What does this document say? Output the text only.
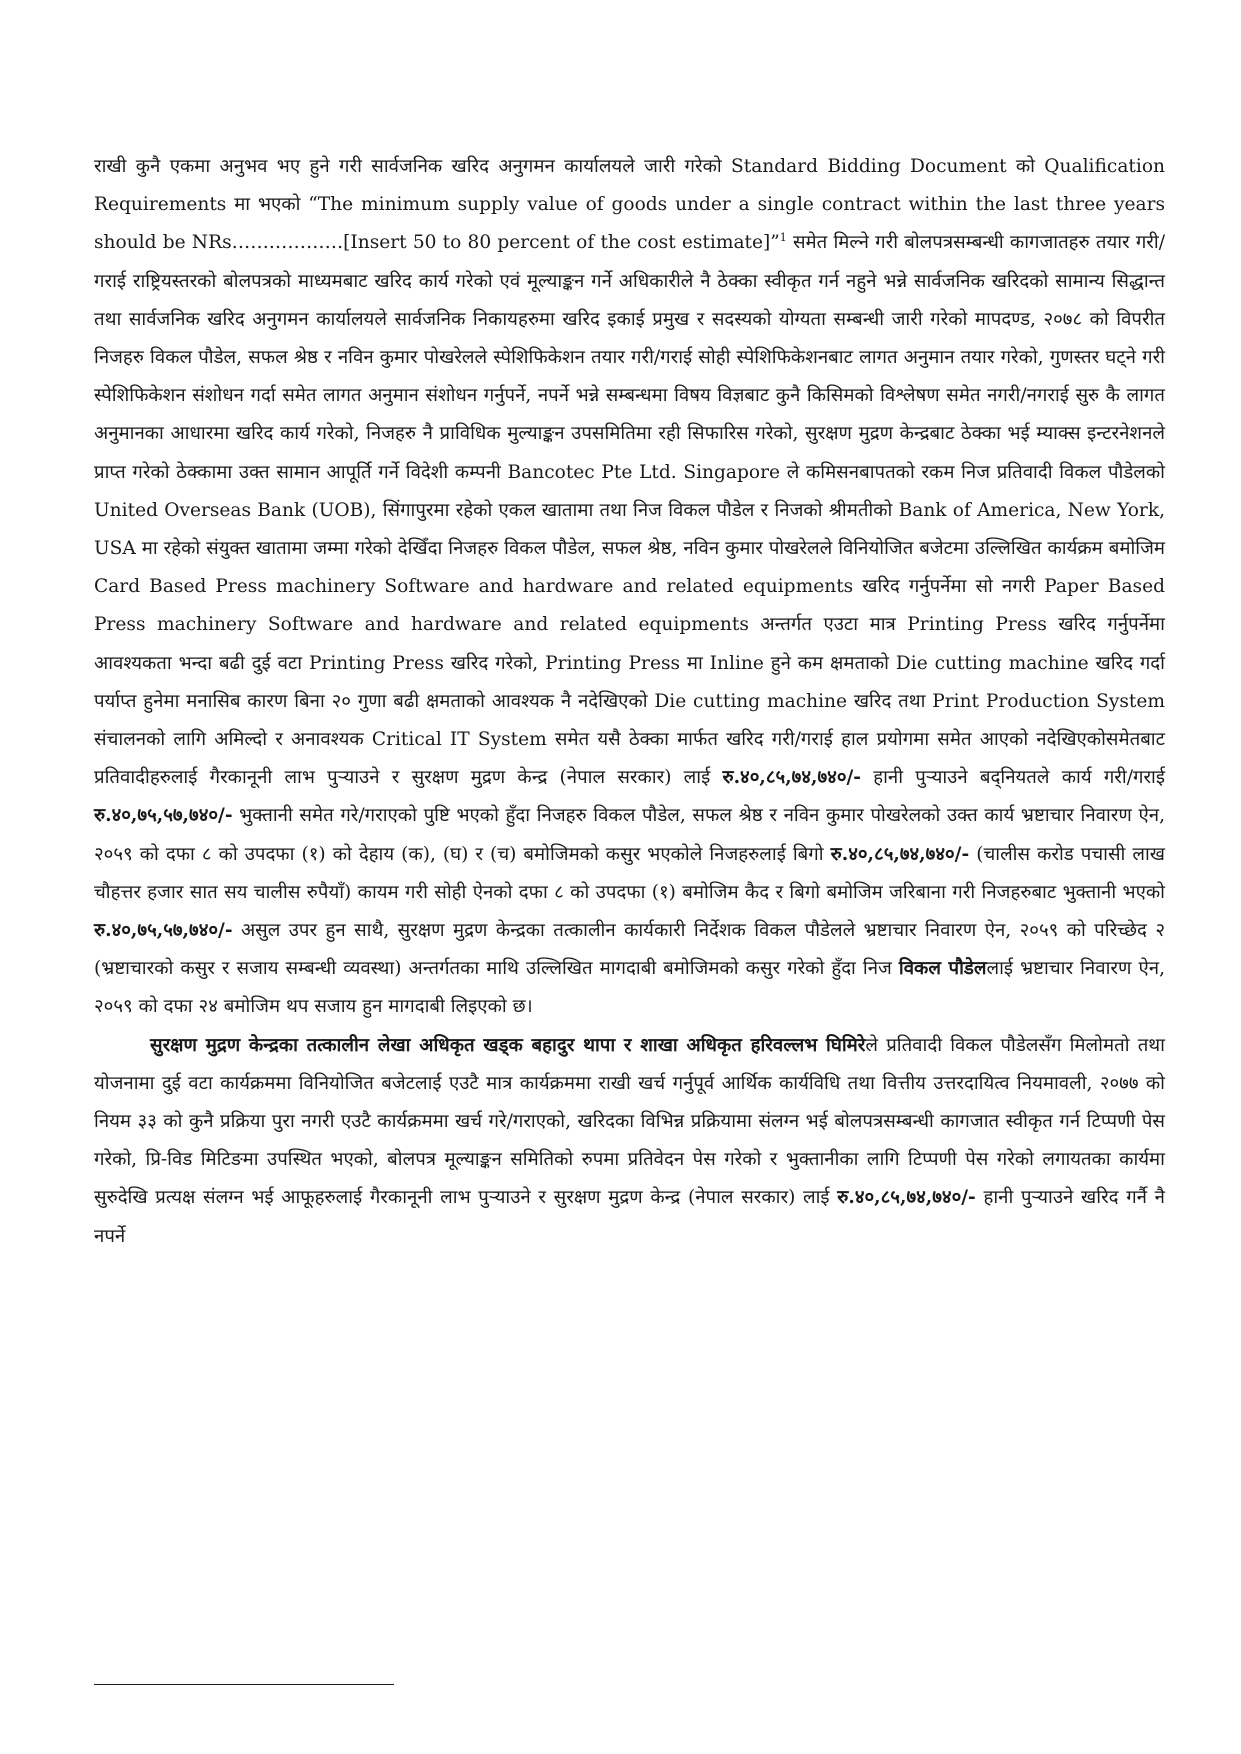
राखी कुनै एकमा अनुभव भए हुने गरी सार्वजनिक खरिद अनुगमन कार्यालयले जारी गरेको Standard Bidding Document को Qualification Requirements मा भएको “The minimum supply value of goods under a single contract within the last three years should be NRs………………[Insert 50 to 80 percent of the cost estimate]”$^1$ समेत मिल्ने गरी बोलपत्रसम्बन्धी कागजातहरु तयार गरी/गराई राष्ट्रियस्तरको बोलपत्रको माध्यमबाट खरिद कार्य गरेको एवं मूल्याङ्कन गर्ने अधिकारीले नै ठेक्का स्वीकृत गर्न नहुने भन्ने सार्वजनिक खरिदको सामान्य सिद्धान्त तथा सार्वजनिक खरिद अनुगमन कार्यालयले सार्वजनिक निकायहरुमा खरिद इकाई प्रमुख र सदस्यको योग्यता सम्बन्धी जारी गरेको मापदण्ड, २०७८ को विपरीत निजहरु विकल पौडेल, सफल श्रेष्ठ र नविन कुमार पोखरेलले स्पेशिफिकेशन तयार गरी/गराई सोही स्पेशिफिकेशनबाट लागत अनुमान तयार गरेको, गुणस्तर घट्ने गरी स्पेशिफिकेशन संशोधन गर्दा समेत लागत अनुमान संशोधन गर्नुपर्ने, नपर्ने भन्ने सम्बन्धमा विषय विज्ञबाट कुनै किसिमको विश्लेषण समेत नगरी/नगराई सुरु कै लागत अनुमानका आधारमा खरिद कार्य गरेको, निजहरु नै प्राविधिक मुल्याङ्कन उपसमितिमा रही सिफारिस गरेको, सुरक्षण मुद्रण केन्द्रबाट ठेक्का भई म्याक्स इन्टरनेशनले प्राप्त गरेको ठेक्कामा उक्त सामान आपूर्ति गर्ने विदेशी कम्पनी Bancotec Pte Ltd. Singapore ले कमिसनबापतको रकम निज प्रतिवादी विकल पौडेलको United Overseas Bank (UOB), सिंगापुरमा रहेको एकल खातामा तथा निज विकल पौडेल र निजको श्रीमतीको Bank of America, New York, USA मा रहेको संयुक्त खातामा जम्मा गरेको देखिँदा निजहरु विकल पौडेल, सफल श्रेष्ठ, नविन कुमार पोखरेलले विनियोजित बजेटमा उल्लिखित कार्यक्रम बमोजिम Card Based Press machinery Software and hardware and related equipments खरिद गर्नुपर्नेमा सो नगरी Paper Based Press machinery Software and hardware and related equipments अन्तर्गत एउटा मात्र Printing Press खरिद गर्नुपर्नेमा आवश्यकता भन्दा बढी दुई वटा Printing Press खरिद गरेको, Printing Press मा Inline हुने कम क्षमताको Die cutting machine खरिद गर्दा पर्याप्त हुनेमा मनासिब कारण बिना २० गुणा बढी क्षमताको आवश्यक नै नदेखिएको Die cutting machine खरिद तथा Print Production System संचालनको लागि अमिल्दो र अनावश्यक Critical IT System समेत यसै ठेक्का मार्फत खरिद गरी/गराई हाल प्रयोगमा समेत आएको नदेखिएकोसमेतबाट प्रतिवादीहरुलाई गैरकानूनी लाभ पुर्‍याउने र सुरक्षण मुद्रण केन्द्र (नेपाल सरकार) लाई रु.४०,८५,७४,७४०/- हानी पुर्‍याउने बद्नियतले कार्य गरी/गराई रु.४०,७५,५७,७४०/- भुक्तानी समेत गरे/गराएको पुष्टि भएको हुँदा निजहरु विकल पौडेल, सफल श्रेष्ठ र नविन कुमार पोखरेलको उक्त कार्य भ्रष्टाचार निवारण ऐन, २०५९ को दफा ८ को उपदफा (१) को देहाय (क), (घ) र (च) बमोजिमको कसुर भएकोले निजहरुलाई बिगो रु.४०,८५,७४,७४०/- (चालीस करोड पचासी लाख चौहत्तर हजार सात सय चालीस रुपैयाँ) कायम गरी सोही ऐनको दफा ८ को उपदफा (१) बमोजिम कैद र बिगो बमोजिम जरिबाना गरी निजहरुबाट भुक्तानी भएको रु.४०,७५,५७,७४०/- असुल उपर हुन साथै, सुरक्षण मुद्रण केन्द्रका तत्कालीन कार्यकारी निर्देशक विकल पौडेलले भ्रष्टाचार निवारण ऐन, २०५९ को परिच्छेद २ (भ्रष्टाचारको कसुर र सजाय सम्बन्धी व्यवस्था) अन्तर्गतका माथि उल्लिखित मागदाबी बमोजिमको कसुर गरेको हुँदा निज विकल पौडेललाई भ्रष्टाचार निवारण ऐन, २०५९ को दफा २४ बमोजिम थप सजाय हुन मागदाबी लिइएको छ।

सुरक्षण मुद्रण केन्द्रका तत्कालीन लेखा अधिकृत खड्क बहादुर थापा र शाखा अधिकृत हरिवल्लभ घिमिरेले प्रतिवादी विकल पौडेलसँग मिलोमतो तथा योजनामा दुई वटा कार्यक्रममा विनियोजित बजेटलाई एउटै मात्र कार्यक्रममा राखी खर्च गर्नुपूर्व आर्थिक कार्यविधि तथा वित्तीय उत्तरदायित्व नियमावली, २०७७ को नियम ३३ को कुनै प्रक्रिया पुरा नगरी एउटै कार्यक्रममा खर्च गरे/गराएको, खरिदका विभिन्न प्रक्रियामा संलग्न भई बोलपत्रसम्बन्धी कागजात स्वीकृत गर्न टिप्पणी पेस गरेको, प्रि-विड मिटिङमा उपस्थित भएको, बोलपत्र मूल्याङ्कन समितिको रुपमा प्रतिवेदन पेस गरेको र भुक्तानीका लागि टिप्पणी पेस गरेको लगायतका कार्यमा सुरुदेखि प्रत्यक्ष संलग्न भई आफूहरुलाई गैरकानूनी लाभ पुर्‍याउने र सुरक्षण मुद्रण केन्द्र (नेपाल सरकार) लाई रु.४०,८५,७४,७४०/- हानी पुर्‍याउने खरिद गर्नै नै नपर्ने
